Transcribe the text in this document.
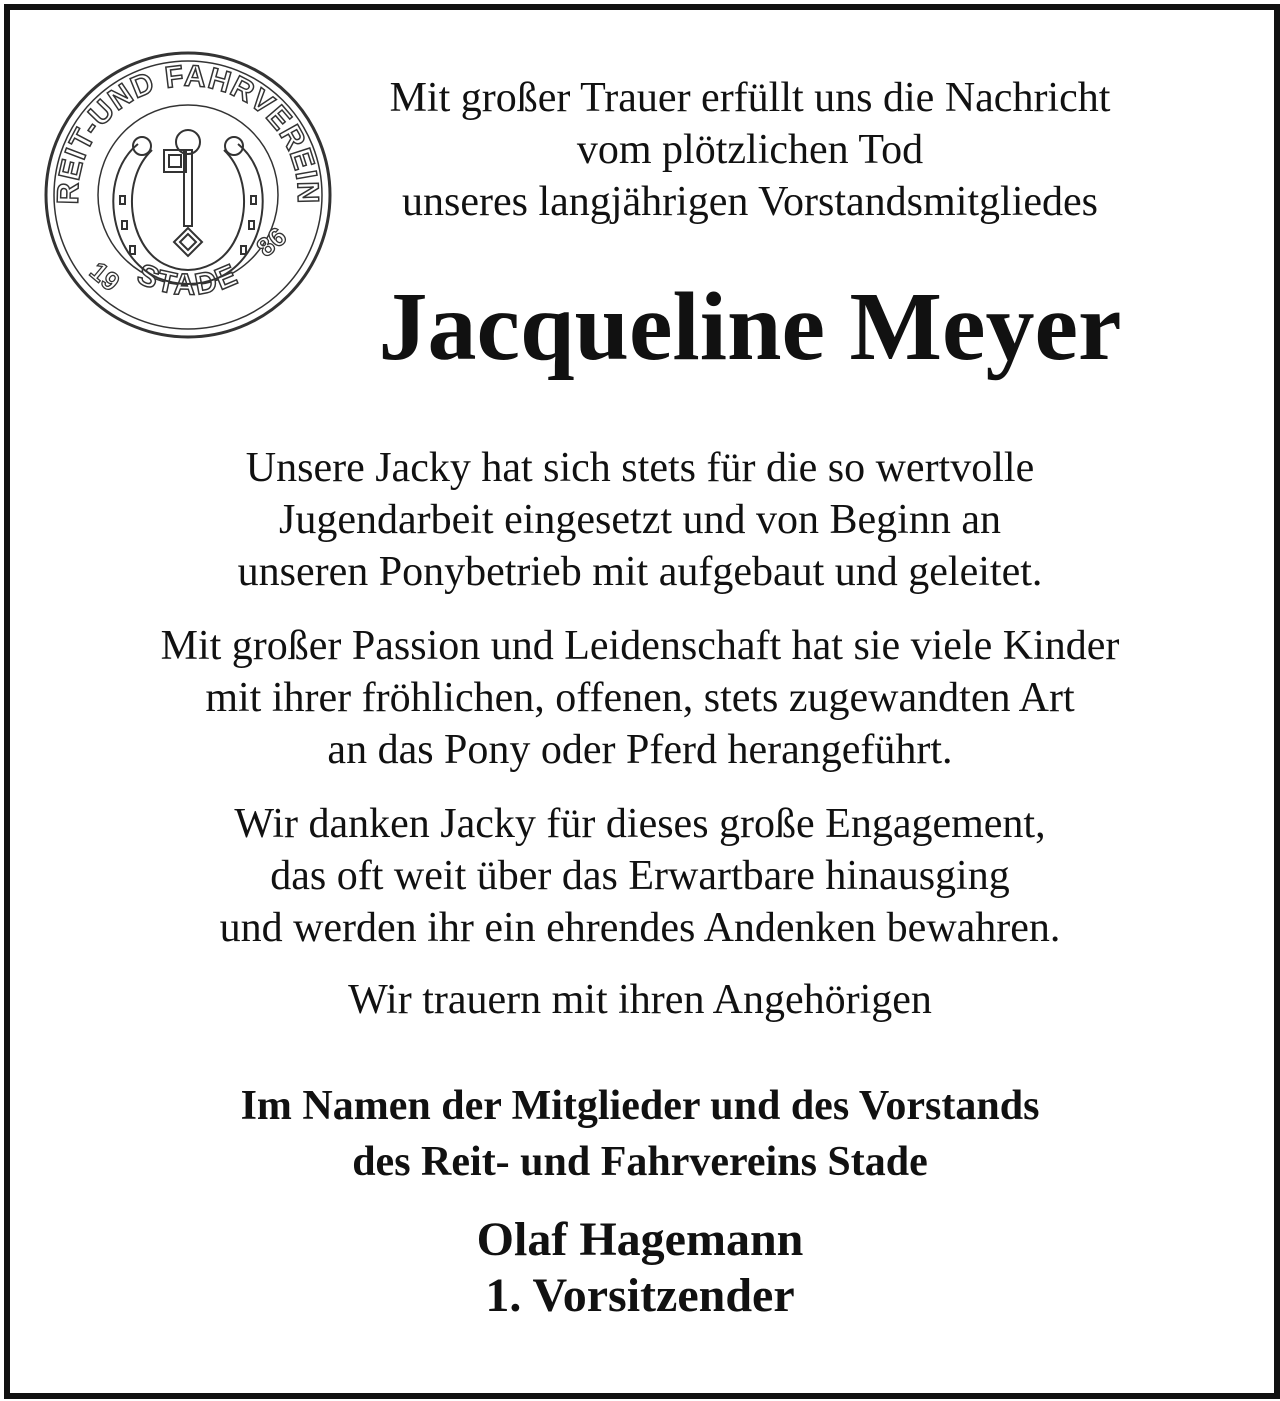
REIT-UND FAHRVEREIN
STADE
19
86
Mit großer Trauer erfüllt uns die Nachricht
vom plötzlichen Tod
unseres langjährigen Vorstandsmitgliedes
Jacqueline Meyer
Unsere Jacky hat sich stets für die so wertvolle
Jugendarbeit eingesetzt und von Beginn an
unseren Ponybetrieb mit aufgebaut und geleitet.
Mit großer Passion und Leidenschaft hat sie viele Kinder
mit ihrer fröhlichen, offenen, stets zugewandten Art
an das Pony oder Pferd herangeführt.
Wir danken Jacky für dieses große Engagement,
das oft weit über das Erwartbare hinausging
und werden ihr ein ehrendes Andenken bewahren.
Wir trauern mit ihren Angehörigen
Im Namen der Mitglieder und des Vorstands
des Reit- und Fahrvereins Stade
Olaf Hagemann
1. Vorsitzender
